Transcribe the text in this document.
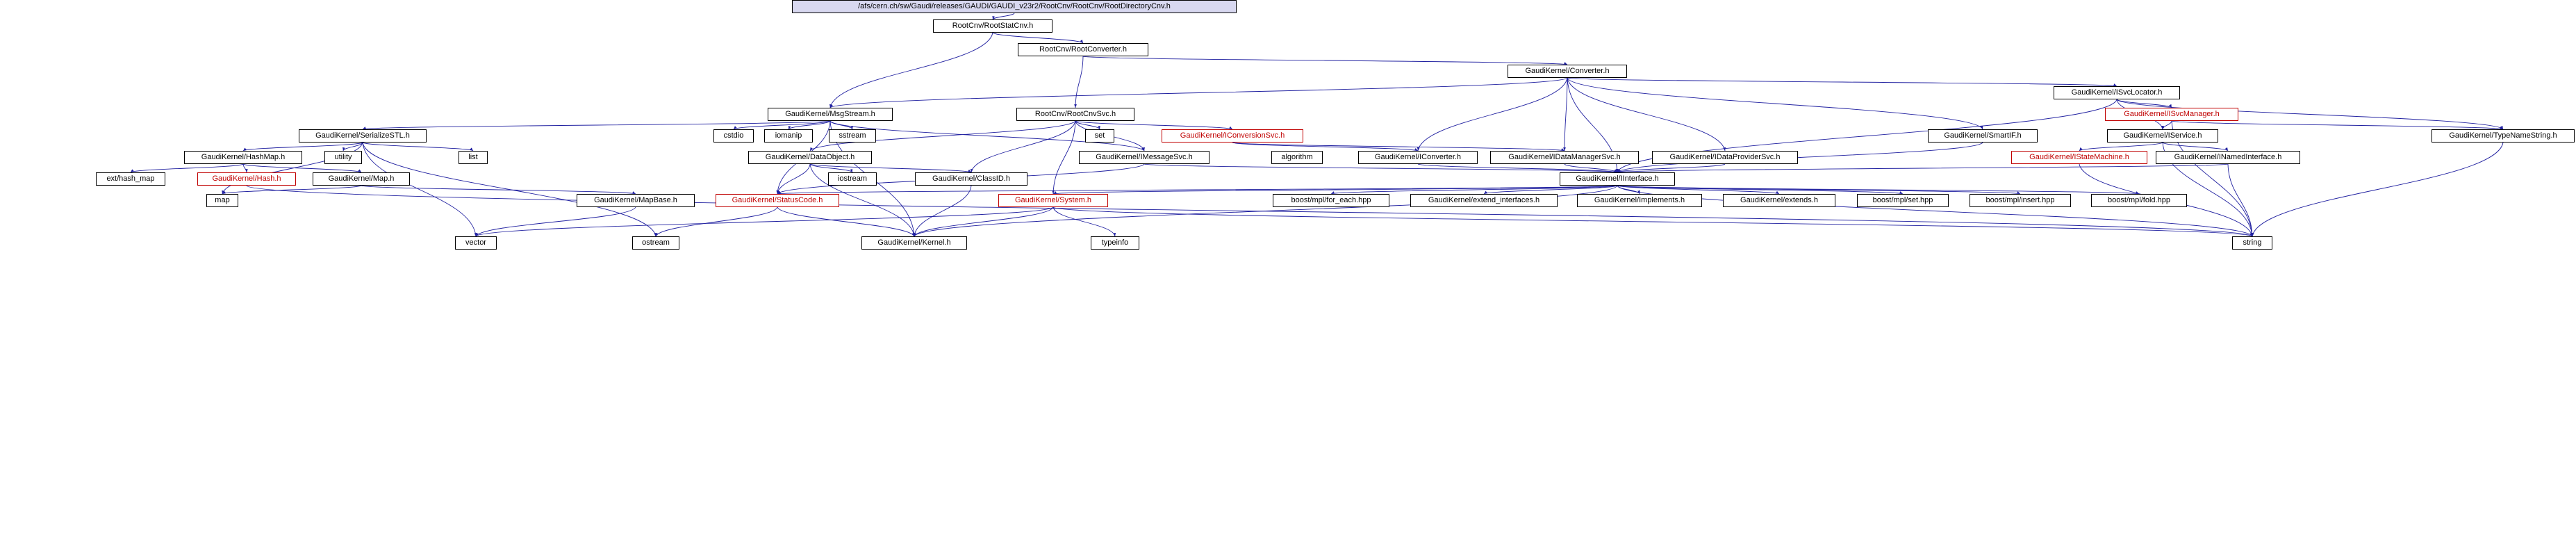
/afs/cern.ch/sw/Gaudi/releases/GAUDI/GAUDI_v23r2/RootCnv/RootCnv/RootDirectoryCnv.h
RootCnv/RootStatCnv.h
RootCnv/RootConverter.h
GaudiKernel/Converter.h
GaudiKernel/ISvcLocator.h
GaudiKernel/ISvcManager.h
GaudiKernel/MsgStream.h	RootCnv/RootCnvSvc.h
GaudiKernel/TypeNameString.h
GaudiKernel/SerializeSTL.h	cstdio	iomanip	sstream	set	GaudiKernel/IConversionSvc.h	GaudiKernel/SmartIF.h	GaudiKernel/IService.h
GaudiKernel/HashMap.h	utility	list	GaudiKernel/DataObject.h	GaudiKernel/IMessageSvc.h	algorithm	GaudiKernel/IConverter.h	GaudiKernel/IDataManagerSvc.h	GaudiKernel/IDataProviderSvc.h	GaudiKernel/IStateMachine.h	GaudiKernel/INamedInterface.h
ext/hash_map	GaudiKernel/Hash.h	GaudiKernel/Map.h	iostream	GaudiKernel/ClassID.h	GaudiKernel/IInterface.h
map	GaudiKernel/MapBase.h	GaudiKernel/StatusCode.h	GaudiKernel/System.h	boost/mpl/for_each.hpp	GaudiKernel/extend_interfaces.h	GaudiKernel/Implements.h	GaudiKernel/extends.h	boost/mpl/set.hpp	boost/mpl/insert.hpp	boost/mpl/fold.hpp
vector	ostream	GaudiKernel/Kernel.h	typeinfo	string
